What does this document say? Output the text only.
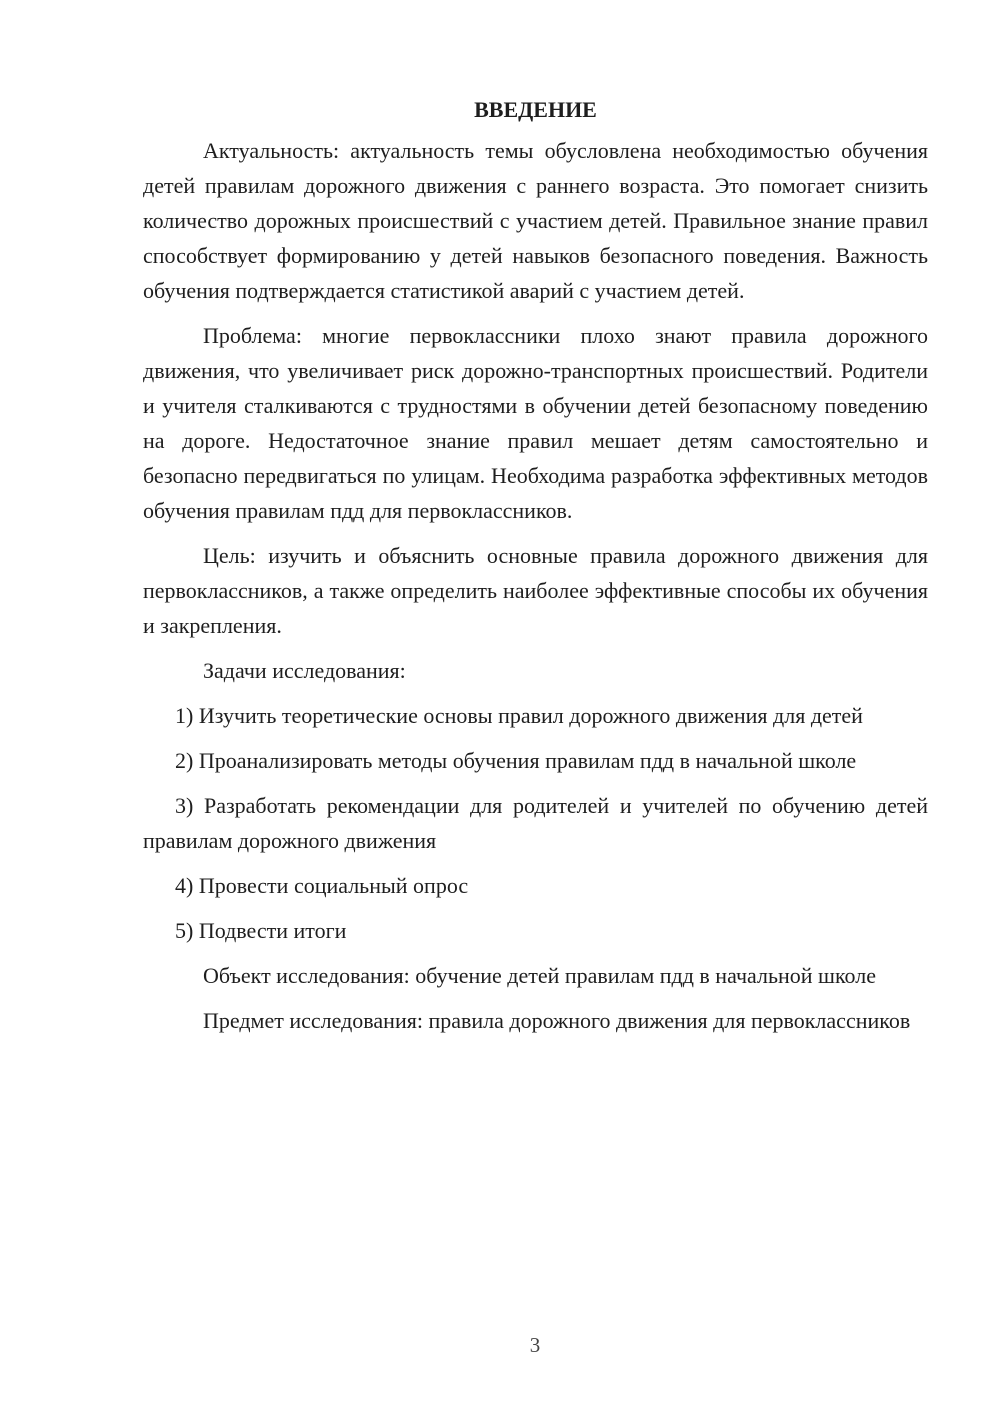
ВВЕДЕНИЕ

Актуальность: актуальность темы обусловлена необходимостью обучения детей правилам дорожного движения с раннего возраста. Это помогает снизить количество дорожных происшествий с участием детей. Правильное знание правил способствует формированию у детей навыков безопасного поведения. Важность обучения подтверждается статистикой аварий с участием детей.

Проблема: многие первоклассники плохо знают правила дорожного движения, что увеличивает риск дорожно-транспортных происшествий. Родители и учителя сталкиваются с трудностями в обучении детей безопасному поведению на дороге. Недостаточное знание правил мешает детям самостоятельно и безопасно передвигаться по улицам. Необходима разработка эффективных методов обучения правилам пдд для первоклассников.

Цель: изучить и объяснить основные правила дорожного движения для первоклассников, а также определить наиболее эффективные способы их обучения и закрепления.

Задачи исследования:

1) Изучить теоретические основы правил дорожного движения для детей

2) Проанализировать методы обучения правилам пдд в начальной школе

3) Разработать рекомендации для родителей и учителей по обучению детей правилам дорожного движения

4) Провести социальный опрос

5) Подвести итоги

Объект исследования: обучение детей правилам пдд в начальной школе

Предмет исследования: правила дорожного движения для первоклассников

3
